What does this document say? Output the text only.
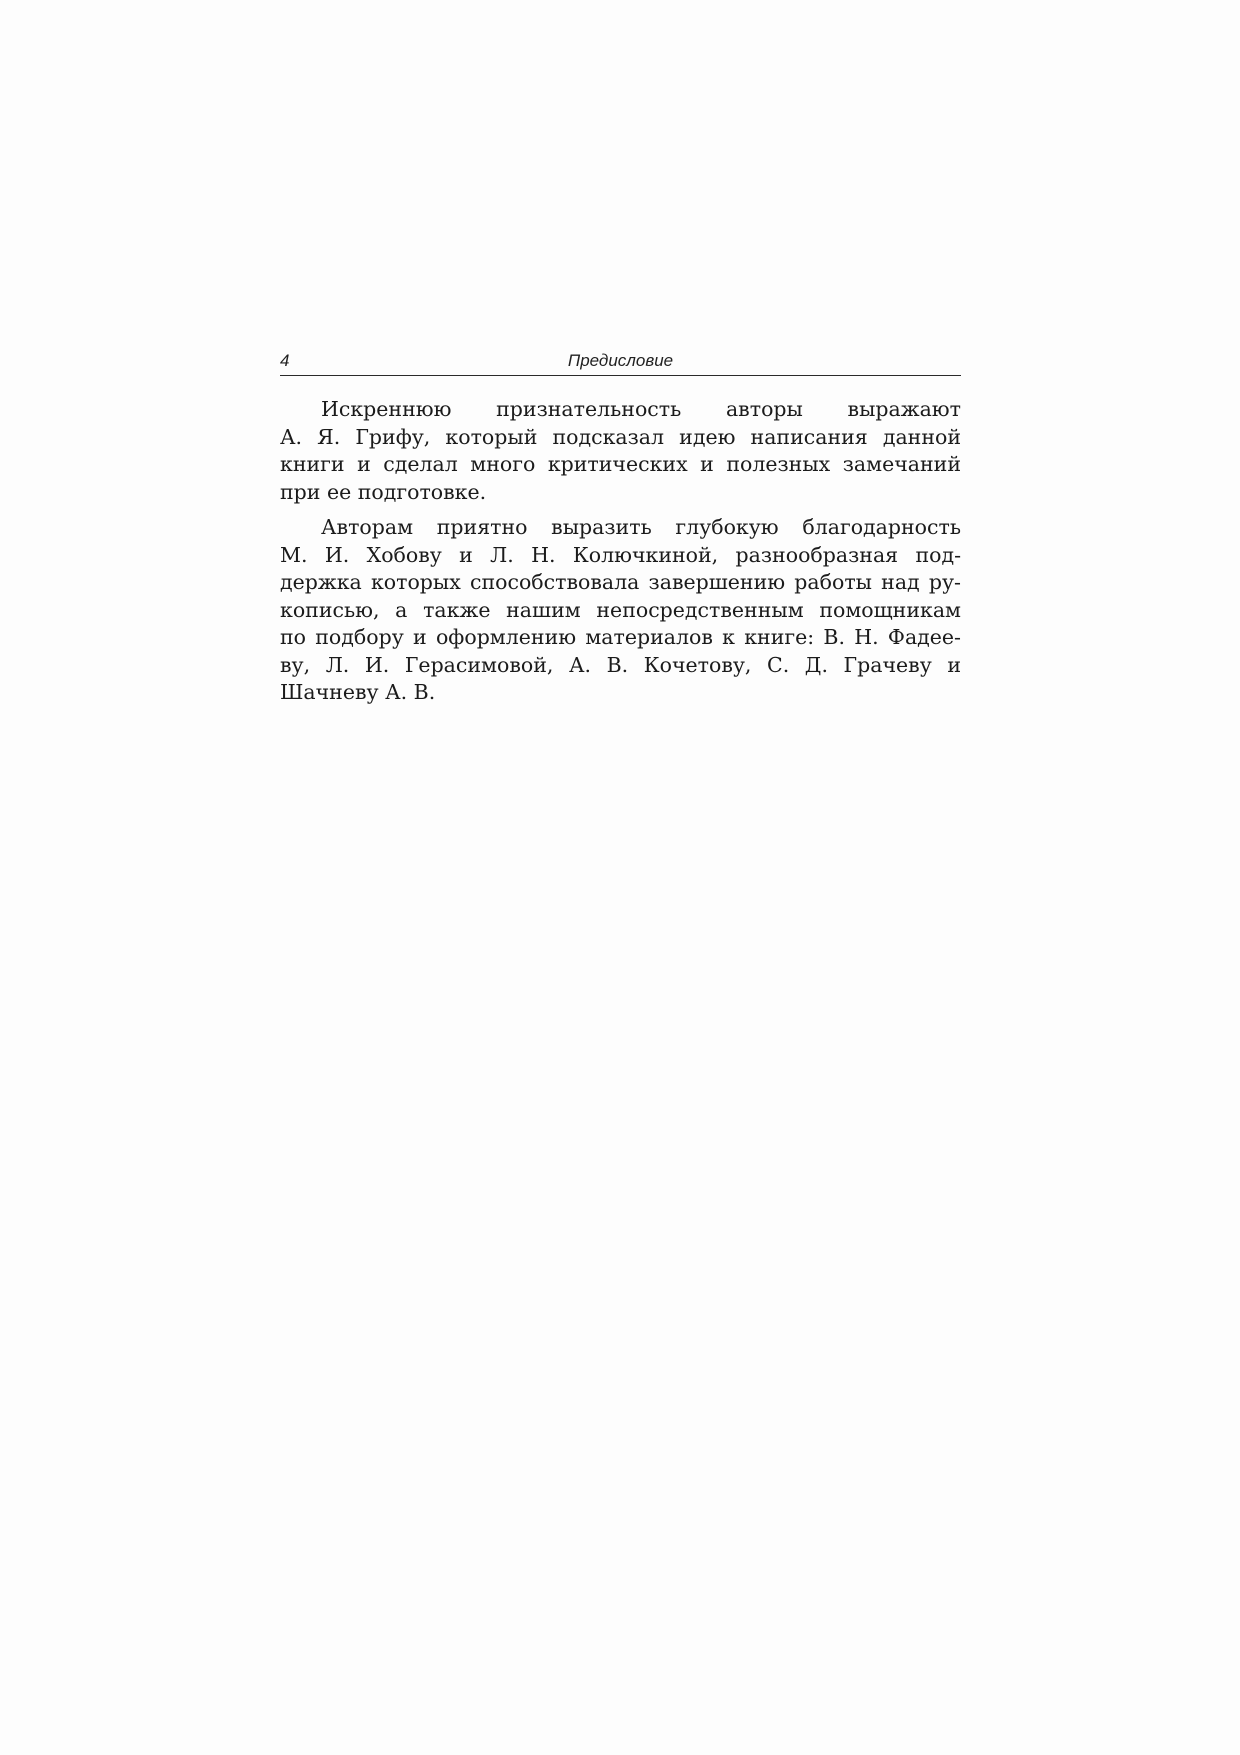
4	Предисловие

Искреннюю признательность авторы выражают
А. Я. Грифу, который подсказал идею написания данной
книги и сделал много критических и полезных замечаний
при ее подготовке.

Авторам приятно выразить глубокую благодарность
М. И. Хобову и Л. Н. Колючкиной, разнообразная под-
держка которых способствовала завершению работы над ру-
кописью, а также нашим непосредственным помощникам
по подбору и оформлению материалов к книге: В. Н. Фадее-
ву, Л. И. Герасимовой, А. В. Кочетову, С. Д. Грачеву и
Шачневу А. В.
